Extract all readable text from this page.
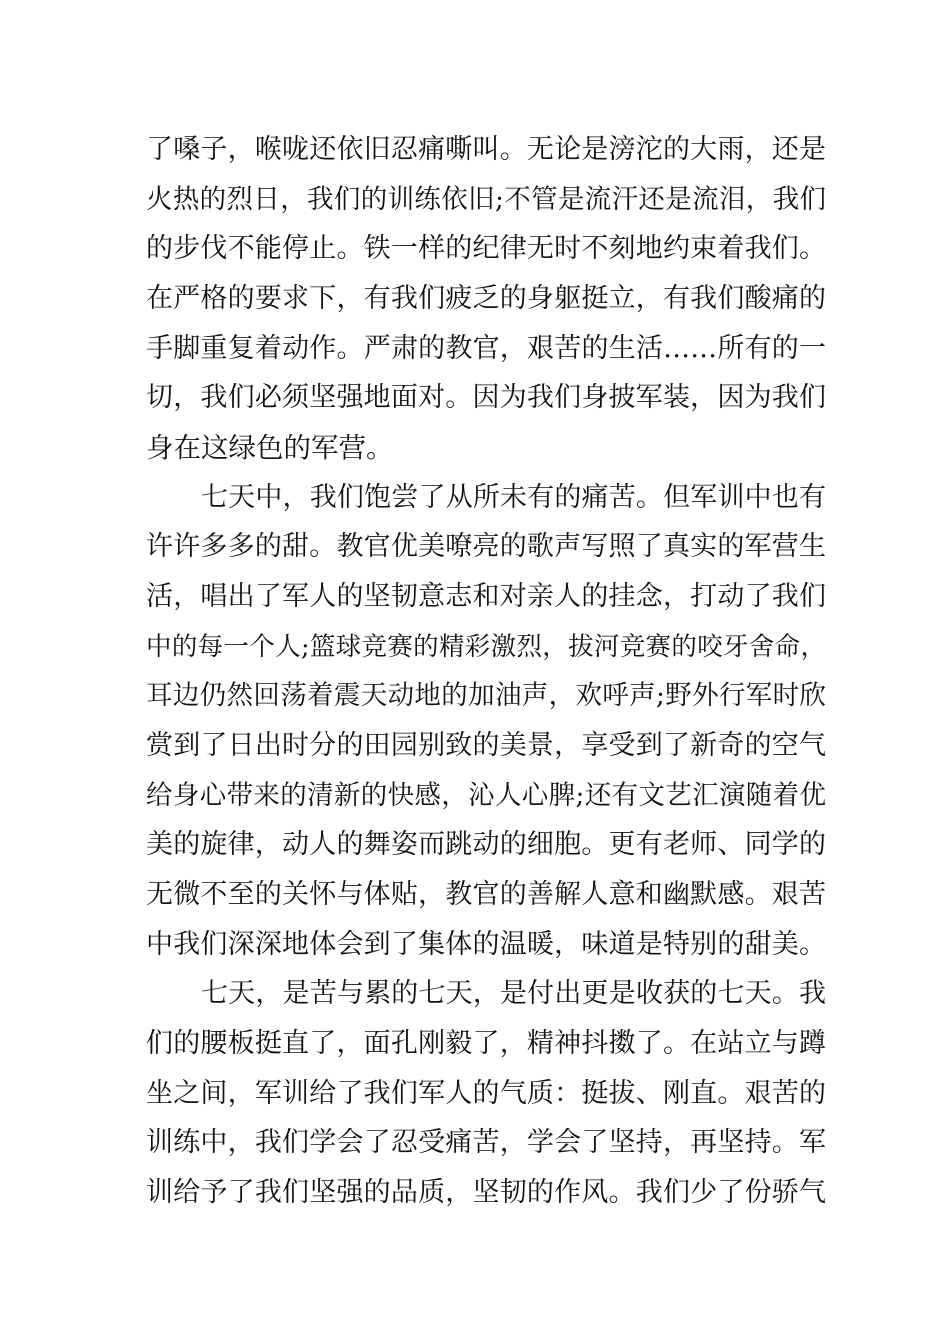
了嗓子，喉咙还依旧忍痛嘶叫。无论是滂沱的大雨，还是
火热的烈日，我们的训练依旧;不管是流汗还是流泪，我们
的步伐不能停止。铁一样的纪律无时不刻地约束着我们。
在严格的要求下，有我们疲乏的身躯挺立，有我们酸痛的
手脚重复着动作。严肃的教官，艰苦的生活……所有的一
切，我们必须坚强地面对。因为我们身披军装，因为我们
身在这绿色的军营。
七天中，我们饱尝了从所未有的痛苦。但军训中也有
许许多多的甜。教官优美嘹亮的歌声写照了真实的军营生
活，唱出了军人的坚韧意志和对亲人的挂念，打动了我们
中的每一个人;篮球竞赛的精彩激烈，拔河竞赛的咬牙舍命，
耳边仍然回荡着震天动地的加油声，欢呼声;野外行军时欣
赏到了日出时分的田园别致的美景，享受到了新奇的空气
给身心带来的清新的快感，沁人心脾;还有文艺汇演随着优
美的旋律，动人的舞姿而跳动的细胞。更有老师、同学的
无微不至的关怀与体贴，教官的善解人意和幽默感。艰苦
中我们深深地体会到了集体的温暖，味道是特别的甜美。
七天，是苦与累的七天，是付出更是收获的七天。我
们的腰板挺直了，面孔刚毅了，精神抖擞了。在站立与蹲
坐之间，军训给了我们军人的气质：挺拔、刚直。艰苦的
训练中，我们学会了忍受痛苦，学会了坚持，再坚持。军
训给予了我们坚强的品质，坚韧的作风。我们少了份骄气
